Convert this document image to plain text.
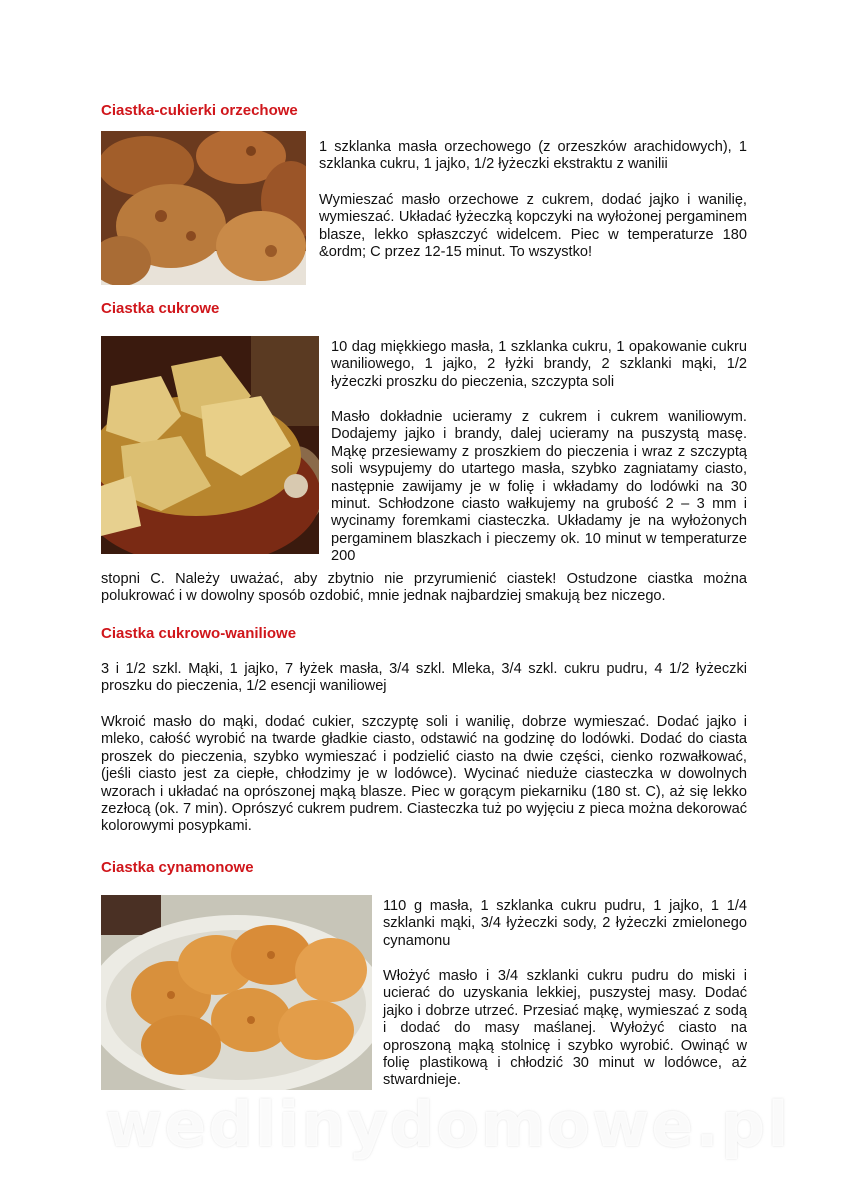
Ciastka-cukierki orzechowe

1 szklanka masła orzechowego (z orzeszków arachidowych), 1 szklanka cukru, 1 jajko, 1/2 łyżeczki ekstraktu z wanilii

Wymieszać masło orzechowe z cukrem, dodać jajko i wanilię, wymieszać. Układać łyżeczką kopczyki na wyłożonej pergaminem blasze, lekko spłaszczyć widelcem. Piec w temperaturze 180 &ordm; C przez 12-15 minut. To wszystko!

Ciastka cukrowe

10 dag miękkiego masła, 1 szklanka cukru, 1 opakowanie cukru waniliowego, 1 jajko, 2 łyżki brandy, 2 szklanki mąki, 1/2 łyżeczki proszku do pieczenia, szczypta soli

Masło dokładnie ucieramy z cukrem i cukrem waniliowym. Dodajemy jajko i brandy, dalej ucieramy na puszystą masę. Mąkę przesiewamy z proszkiem do pieczenia i wraz z szczyptą soli wsypujemy do utartego masła, szybko zagniatamy ciasto, następnie zawijamy je w folię i wkładamy do lodówki na 30 minut. Schłodzone ciasto wałkujemy na grubość 2 – 3 mm i wycinamy foremkami ciasteczka. Układamy je na wyłożonych pergaminem blaszkach i pieczemy ok. 10 minut w temperaturze 200

stopni C. Należy uważać, aby zbytnio nie przyrumienić ciastek! Ostudzone ciastka można polukrować i w dowolny sposób ozdobić, mnie jednak najbardziej smakują bez niczego.

Ciastka cukrowo-waniliowe

3 i 1/2 szkl. Mąki, 1 jajko, 7 łyżek masła, 3/4 szkl. Mleka, 3/4 szkl. cukru pudru, 4 1/2 łyżeczki proszku do pieczenia, 1/2 esencji waniliowej

Wkroić masło do mąki, dodać cukier, szczyptę soli i wanilię, dobrze wymieszać. Dodać jajko i mleko, całość wyrobić na twarde gładkie ciasto, odstawić na godzinę do lodówki. Dodać do ciasta proszek do pieczenia, szybko wymieszać i podzielić ciasto na dwie części, cienko rozwałkować, (jeśli ciasto jest za ciepłe, chłodzimy je w lodówce). Wycinać nieduże ciasteczka w dowolnych wzorach i układać na oprószonej mąką blasze. Piec w gorącym piekarniku (180 st. C), aż się lekko zezłocą (ok. 7 min). Oprószyć cukrem pudrem. Ciasteczka tuż po wyjęciu z pieca można dekorować kolorowymi posypkami.

Ciastka cynamonowe

110 g masła, 1 szklanka cukru pudru, 1 jajko, 1 1/4 szklanki mąki, 3/4 łyżeczki sody, 2 łyżeczki zmielonego cynamonu

Włożyć masło i 3/4 szklanki cukru pudru do miski i ucierać do uzyskania lekkiej, puszystej masy. Dodać jajko i dobrze utrzeć. Przesiać mąkę, wymieszać z sodą i dodać do masy maślanej. Wyłożyć ciasto na oproszoną mąką stolnicę i szybko wyrobić. Owinąć w folię plastikową i chłodzić 30 minut w lodówce, aż stwardnieje.

wedlinydomowe.pl
